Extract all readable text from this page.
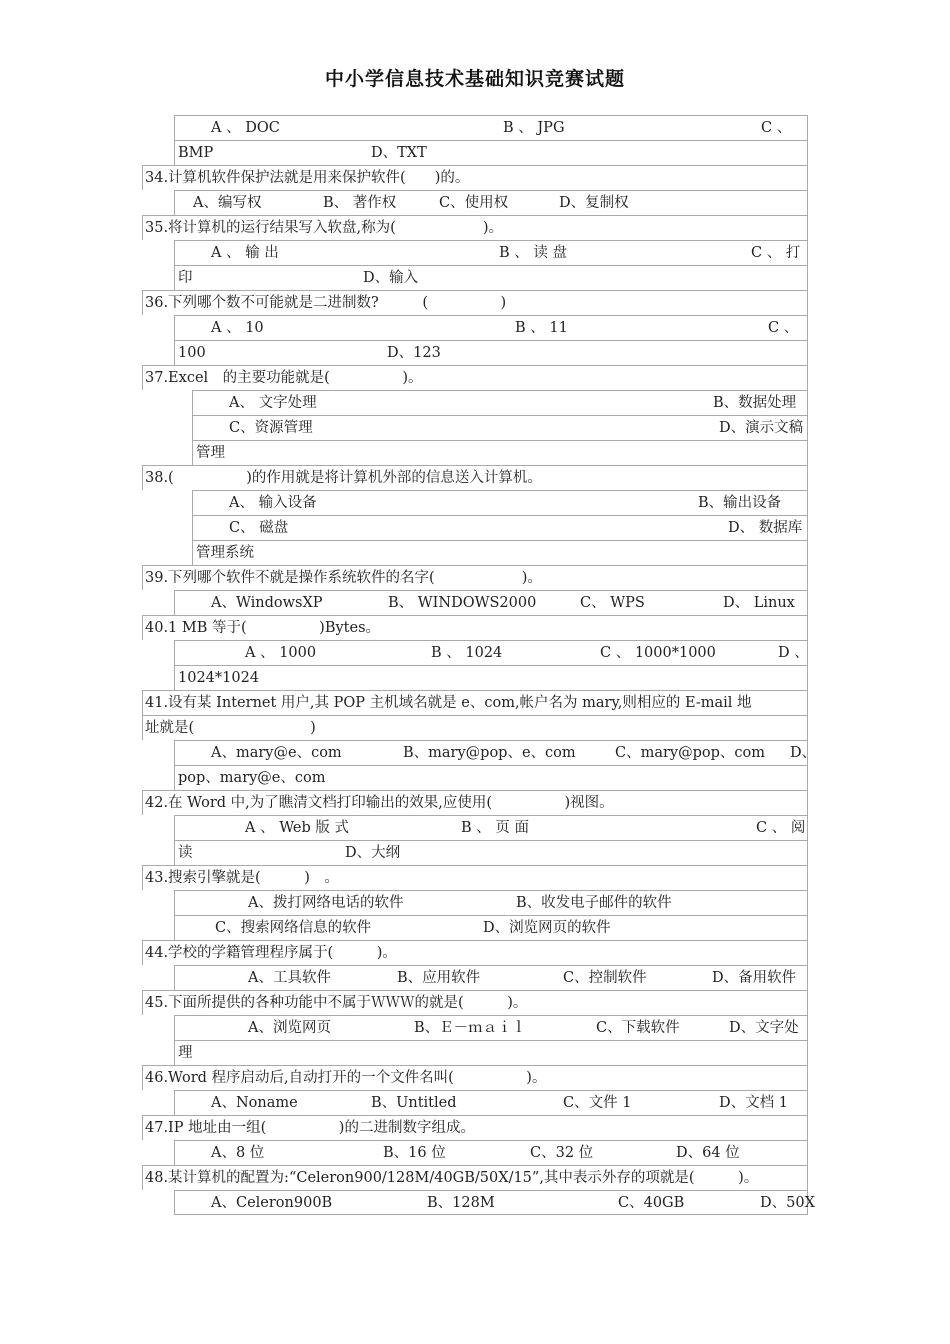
中小学信息技术基础知识竞赛试题
A 、 DOC	B 、 JPG	C 、
BMP	D、TXT
34.计算机软件保护法就是用来保护软件(　　)的。
A、编写权	B、 著作权	C、使用权	D、复制权
35.将计算机的运行结果写入软盘,称为(　　　　　　)。
A 、 输 出	B 、 读 盘	C 、 打
印	D、输入
36.下列哪个数不可能就是二进制数?　　　(　　　　　)
A 、 10	B 、 11	C 、
100	D、123
37.Excel　的主要功能就是(　　　　　)。
A、 文字处理	B、数据处理
C、资源管理	D、演示文稿
管理
38.(　　　　　)的作用就是将计算机外部的信息送入计算机。
A、 输入设备	B、输出设备
C、 磁盘	D、 数据库
管理系统
39.下列哪个软件不就是操作系统软件的名字(　　　　　　)。
A、WindowsXP	B、 WINDOWS2000	C、 WPS	D、 Linux
40.1 MB 等于(　　　　　)Bytes。
A 、 1000	B 、 1024	C 、 1000*1000	D 、
1024*1024
41.设有某 Internet 用户,其 POP 主机域名就是 e、com,帐户名为 mary,则相应的 E-mail 地
址就是(　　　　　　　　)
A、mary@e、com	B、mary@pop、e、com	C、mary@pop、com D、
pop、mary@e、com
42.在 Word 中,为了瞧清文档打印输出的效果,应使用(　　　　　)视图。
A 、 Web 版 式	B 、 页 面	C 、 阅
读	D、大纲
43.搜索引擎就是(　　　)　。
A、拨打网络电话的软件	B、收发电子邮件的软件
C、搜索网络信息的软件	D、浏览网页的软件
44.学校的学籍管理程序属于(　　　)。
A、工具软件	B、应用软件	C、控制软件	D、备用软件
45.下面所提供的各种功能中不属于ＷＷＷ的就是(　　　)。
A、浏览网页	B、Ｅ－ｍａｉｌ	C、下载软件	D、文字处
理
46.Word 程序启动后,自动打开的一个文件名叫(　　　　　)。
A、Noname	B、Untitled	C、文件 1	D、文档 1
47.IP 地址由一组(　　　　　)的二进制数字组成。
A、8 位	B、16 位	C、32 位	D、64 位
48.某计算机的配置为:“Celeron900/128M/40GB/50X/15”,其中表示外存的项就是(　　　)。
A、Celeron900B	B、128M	C、40GB	D、50X
